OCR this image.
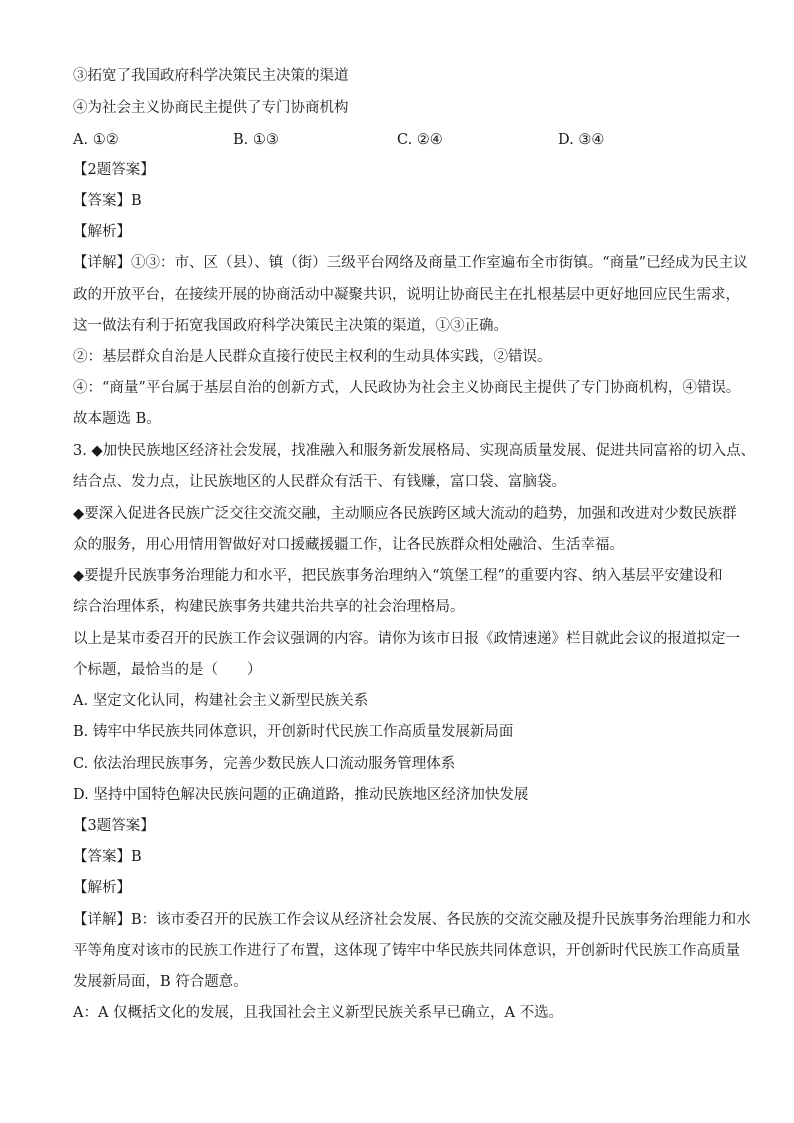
③拓宽了我国政府科学决策民主决策的渠道
④为社会主义协商民主提供了专门协商机构
A. ①②	B. ①③	C. ②④	D. ③④
【2题答案】
【答案】B
【解析】
【详解】①③：市、区（县）、镇（街）三级平台网络及商量工作室遍布全市街镇。“商量”已经成为民主议
政的开放平台，在接续开展的协商活动中凝聚共识，说明让协商民主在扎根基层中更好地回应民生需求，
这一做法有利于拓宽我国政府科学决策民主决策的渠道，①③正确。
②：基层群众自治是人民群众直接行使民主权利的生动具体实践，②错误。
④：“商量”平台属于基层自治的创新方式，人民政协为社会主义协商民主提供了专门协商机构，④错误。
故本题选 B。
3. ◆加快民族地区经济社会发展，找准融入和服务新发展格局、实现高质量发展、促进共同富裕的切入点、
结合点、发力点，让民族地区的人民群众有活干、有钱赚，富口袋、富脑袋。
◆要深入促进各民族广泛交往交流交融，主动顺应各民族跨区域大流动的趋势，加强和改进对少数民族群
众的服务，用心用情用智做好对口援藏援疆工作，让各民族群众相处融洽、生活幸福。
◆要提升民族事务治理能力和水平，把民族事务治理纳入“筑堡工程”的重要内容、纳入基层平安建设和
综合治理体系，构建民族事务共建共治共享的社会治理格局。
以上是某市委召开的民族工作会议强调的内容。请你为该市日报《政情速递》栏目就此会议的报道拟定一
个标题，最恰当的是（　　）
A. 坚定文化认同，构建社会主义新型民族关系
B. 铸牢中华民族共同体意识，开创新时代民族工作高质量发展新局面
C. 依法治理民族事务，完善少数民族人口流动服务管理体系
D. 坚持中国特色解决民族问题的正确道路，推动民族地区经济加快发展
【3题答案】
【答案】B
【解析】
【详解】B：该市委召开的民族工作会议从经济社会发展、各民族的交流交融及提升民族事务治理能力和水
平等角度对该市的民族工作进行了布置，这体现了铸牢中华民族共同体意识，开创新时代民族工作高质量
发展新局面，B 符合题意。
A：A 仅概括文化的发展，且我国社会主义新型民族关系早已确立，A 不选。
